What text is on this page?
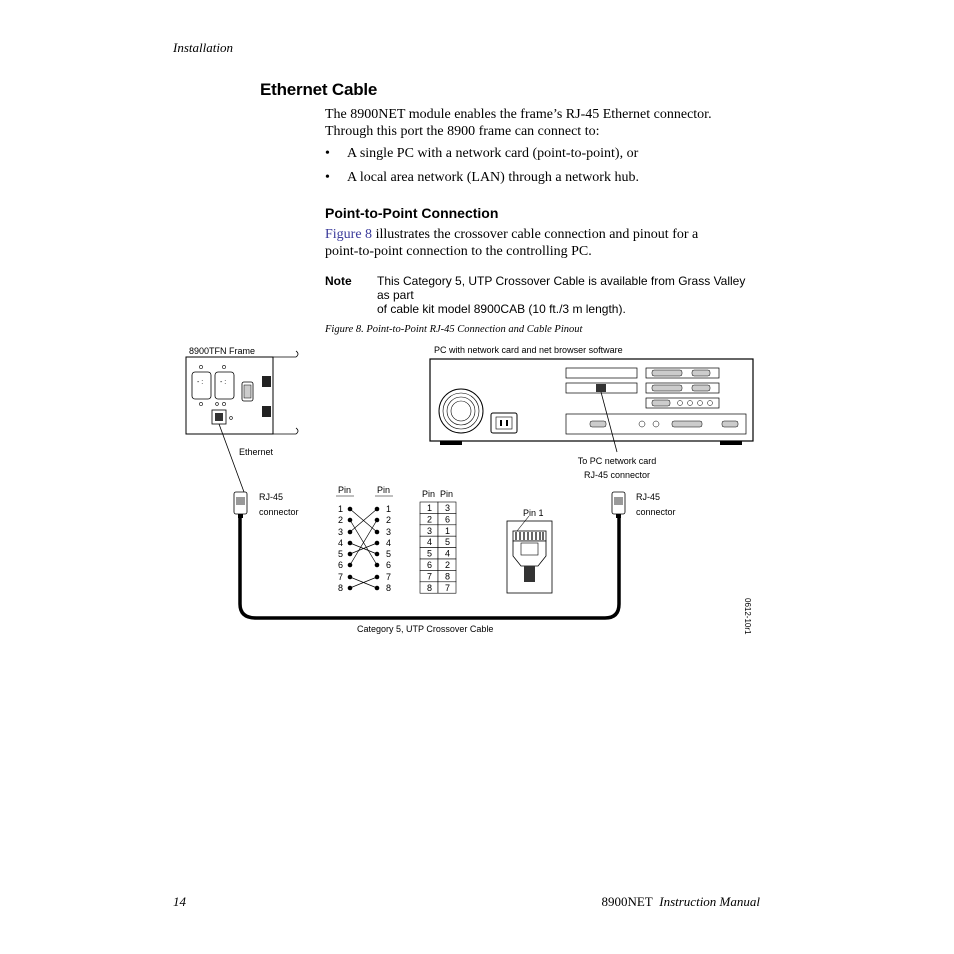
Installation
Ethernet Cable
The 8900NET module enables the frame’s RJ-45 Ethernet connector.
Through this port the 8900 frame can connect to:
• A single PC with a network card (point-to-point), or
• A local area network (LAN) through a network hub.
Point-to-Point Connection
Figure 8 illustrates the crossover cable connection and pinout for a
point-to-point connection to the controlling PC.
Note This Category 5, UTP Crossover Cable is available from Grass Valley as part
of cable kit model 8900CAB (10 ft./3 m length).
Figure 8. Point-to-Point RJ-45 Connection and Cable Pinout
8900TFN Frame
- : - :
Ethernet
PC with network card and net browser software
To PC network card
RJ-45 connector
RJ-45
connector
RJ-45
connector
Category 5, UTP Crossover Cable
Pin	Pin
1
2
3
4
5
6
7
8
1
2
3
4
5
6
7
8
Pin Pin
1 3
2 6
3 1
4 5
5 4
6 2
7 8
8 7
Pin 1
0612-10r1
14	8900NET Instruction Manual
